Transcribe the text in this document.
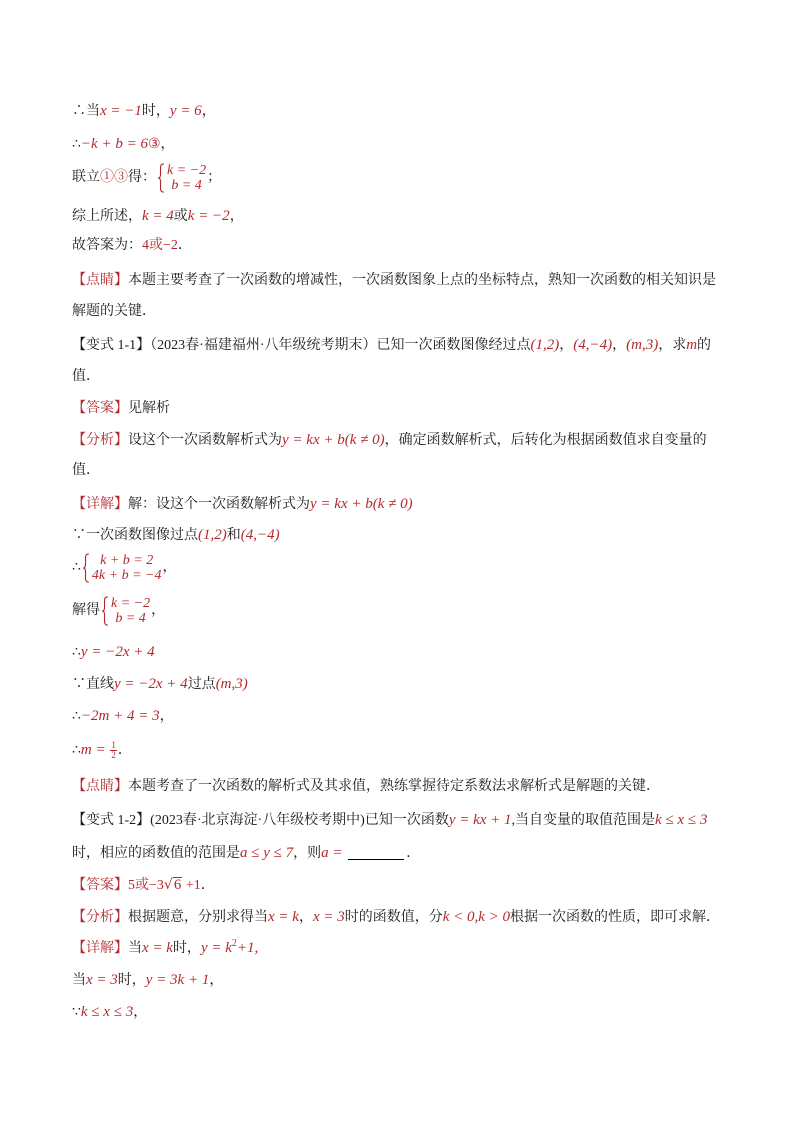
∴当x = −1时，y = 6，
∴−k + b = 6③，
联立①③得： k = −2
b = 4
；
综上所述，k = 4或k = −2，
故答案为：4或−2．
【点睛】本题主要考查了一次函数的增减性，一次函数图象上点的坐标特点，熟知一次函数的相关知识是
解题的关键．
【变式 1-1】（2023春·福建福州·八年级统考期末）已知一次函数图像经过点(1,2)，(4,−4)，(m,3)，求m的
值．
【答案】见解析
【分析】设这个一次函数解析式为y = kx + b(k ≠ 0)，确定函数解析式，后转化为根据函数值求自变量的
值．
【详解】解：设这个一次函数解析式为y = kx + b(k ≠ 0)
∵一次函数图像过点(1,2)和(4,−4)
∴ k + b = 2
4k + b = −4
，
解得 k = −2
b = 4
，
∴y = −2x + 4
∵直线y = −2x + 4过点(m,3)
∴−2m + 4 = 3，
∴m = $\frac{1}{2}$ ．
【点睛】本题考查了一次函数的解析式及其求值，熟练掌握待定系数法求解析式是解题的关键．
【变式 1-2】(2023春·北京海淀·八年级校考期中)已知一次函数y = kx + 1,当自变量的取值范围是k ≤ x ≤ 3
时，相应的函数值的范围是a ≤ y ≤ 7，则a =	．
【答案】5或−3√6 +1．
【分析】根据题意，分别求得当x = k，x = 3时的函数值，分k < 0,k > 0根据一次函数的性质，即可求解．
【详解】当x = k时，$y = k^2+1$,
当x = 3时，y = 3k + 1，
∵k ≤ x ≤ 3，
